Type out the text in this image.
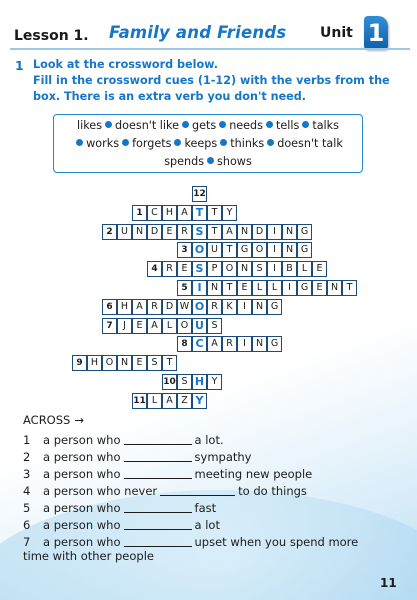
Lesson 1. Family and Friends Unit 1
1 Look at the crossword below.
Fill in the crossword cues (1-12) with the verbs from the
box. There is an extra verb you don't need.
likes doesn't like gets needs tells talks
works forgets keeps thinks doesn't talk
spends shows
12
1 C H A T T Y
2 U N D E R S T A N D	I	N G
3 O U T G O	I	N G
4 R E S P O N S	I	B L E
5 I N T E L	L	I	G E N T
6 H A R D W O R K	I	N G
7	J	E A L O U S
8 C A R	I	N G
9 H O N E S T
10 S H Y
11 L A Z Y
ACROSS →
1 a person who	a lot.
2 a person who	sympathy
3 a person who	meeting new people
4 a person who never	to do things
5 a person who	fast
6 a person who	a lot
7 a person who	upset when you spend more
time with other people
11
